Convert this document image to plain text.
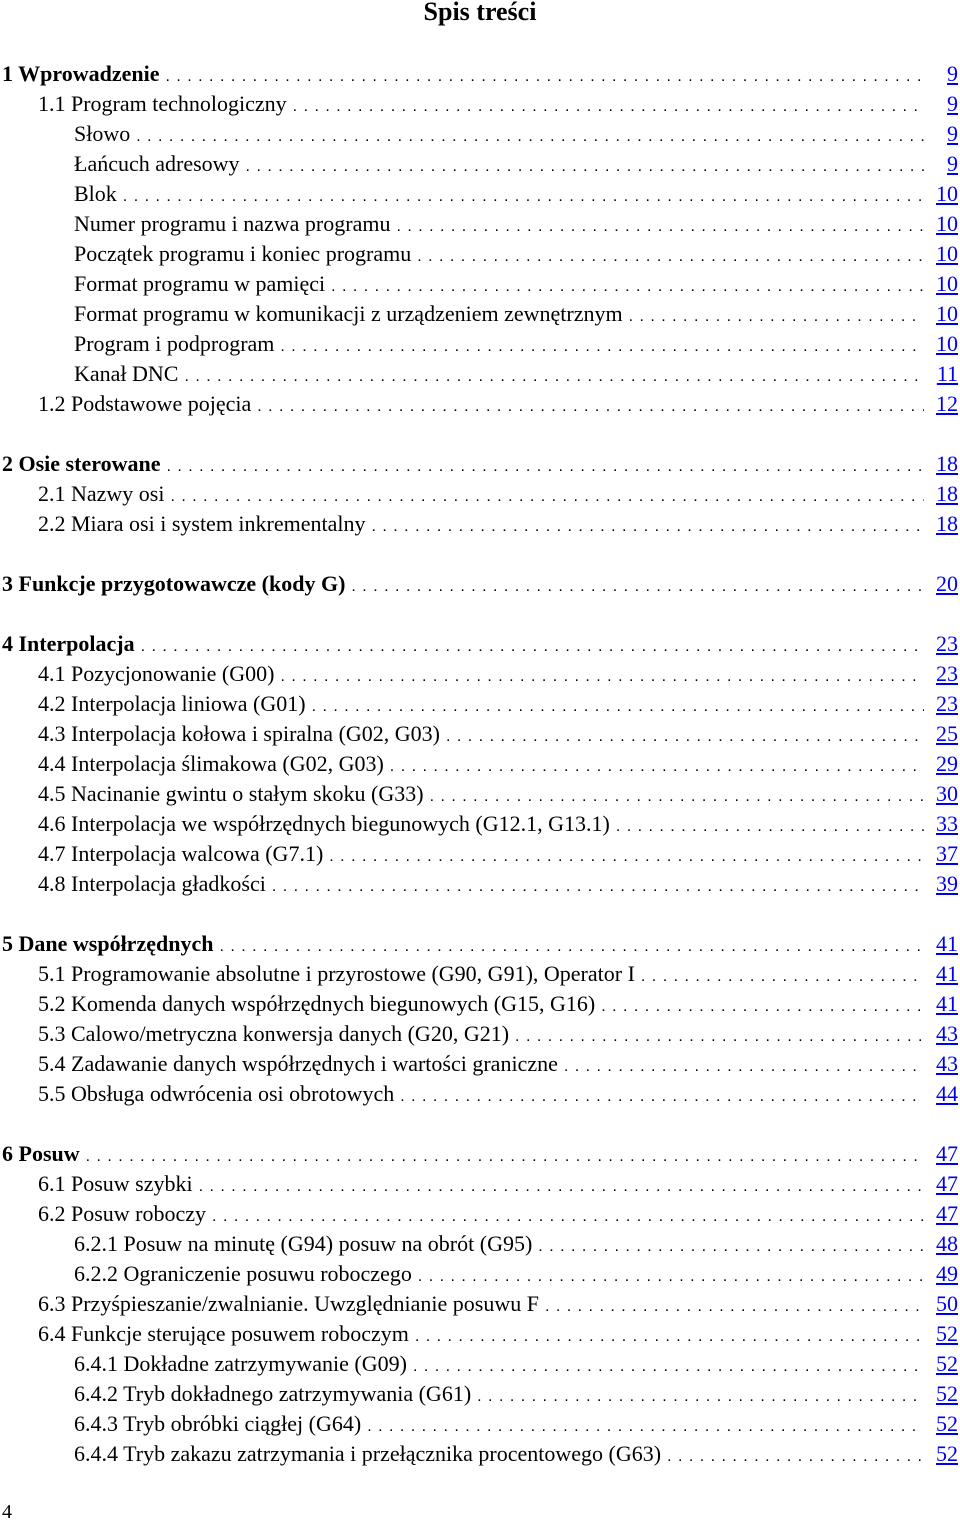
Spis treści
1 Wprowadzenie . . .	9
1.1 Program technologiczny . . .	9
Słowo . . .	9
Łańcuch adresowy . . .	9
Blok . . .	10
Numer programu i nazwa programu . . .	10
Początek programu i koniec programu . . .	10
Format programu w pamięci . . .	10
Format programu w komunikacji z urządzeniem zewnętrznym . . .	10
Program i podprogram . . .	10
Kanał DNC . . .	11
1.2 Podstawowe pojęcia . . .	12
2 Osie sterowane . . .	18
2.1 Nazwy osi . . .	18
2.2 Miara osi i system inkrementalny . . .	18
3 Funkcje przygotowawcze (kody G) . . .	20
4 Interpolacja . . .	23
4.1 Pozycjonowanie (G00) . . .	23
4.2 Interpolacja liniowa (G01) . . .	23
4.3 Interpolacja kołowa i spiralna (G02, G03) . . .	25
4.4 Interpolacja ślimakowa (G02, G03) . . .	29
4.5 Nacinanie gwintu o stałym skoku (G33) . . .	30
4.6 Interpolacja we współrzędnych biegunowych (G12.1, G13.1) . . .	33
4.7 Interpolacja walcowa (G7.1) . . .	37
4.8 Interpolacja gładkości . . .	39
5 Dane współrzędnych . . .	41
5.1 Programowanie absolutne i przyrostowe (G90, G91), Operator I . . .	41
5.2 Komenda danych współrzędnych biegunowych (G15, G16) . . .	41
5.3 Calowo/metryczna konwersja danych (G20, G21) . . .	43
5.4 Zadawanie danych współrzędnych i wartości graniczne . . .	43
5.5 Obsługa odwrócenia osi obrotowych . . .	44
6 Posuw . . .	47
6.1 Posuw szybki . . .	47
6.2 Posuw roboczy . . .	47
6.2.1 Posuw na minutę (G94) posuw na obrót (G95) . . .	48
6.2.2 Ograniczenie posuwu roboczego . . .	49
6.3 Przyśpieszanie/zwalnianie. Uwzględnianie posuwu F . . .	50
6.4 Funkcje sterujące posuwem roboczym . . .	52
6.4.1 Dokładne zatrzymywanie (G09) . . .	52
6.4.2 Tryb dokładnego zatrzymywania (G61) . . .	52
6.4.3 Tryb obróbki ciągłej (G64) . . .	52
6.4.4 Tryb zakazu zatrzymania i przełącznika procentowego (G63) . . .	52
4
